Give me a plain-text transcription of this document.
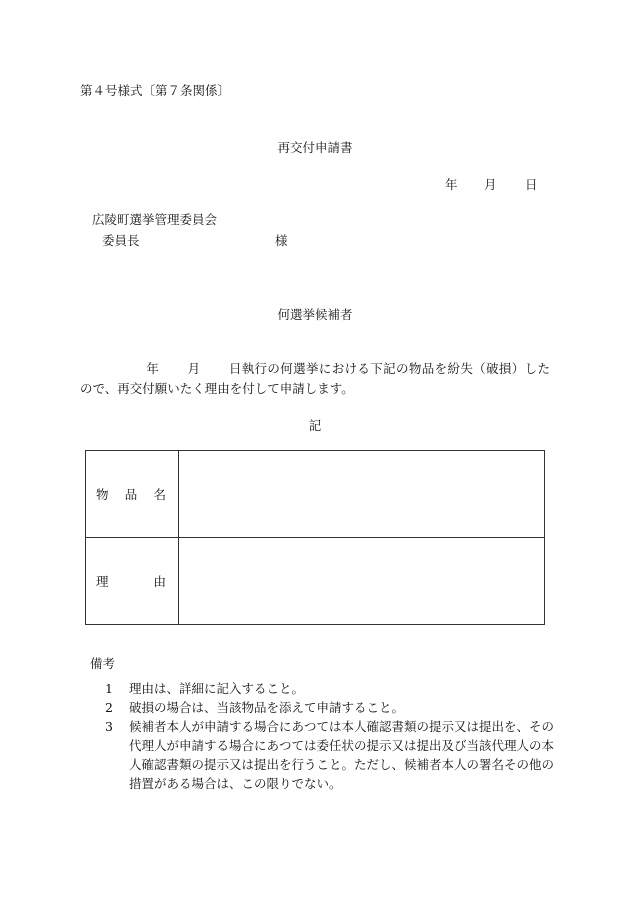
第４号様式〔第７条関係〕
再交付申請書
年 月 日
広陵町選挙管理委員会
委員長	様
何選挙候補者
年 月 日執行の何選挙における下記の物品を紛失（破損）したので、再交付願いたく理由を付して申請します。
記
物 品 名	

理 由	

備考
1	理由は、詳細に記入すること。
2	破損の場合は、当該物品を添えて申請すること。
3	候補者本人が申請する場合にあつては本人確認書類の提示又は提出を、その代理人が申請する場合にあつては委任状の提示又は提出及び当該代理人の本人確認書類の提示又は提出を行うこと。ただし、候補者本人の署名その他の措置がある場合は、この限りでない。
